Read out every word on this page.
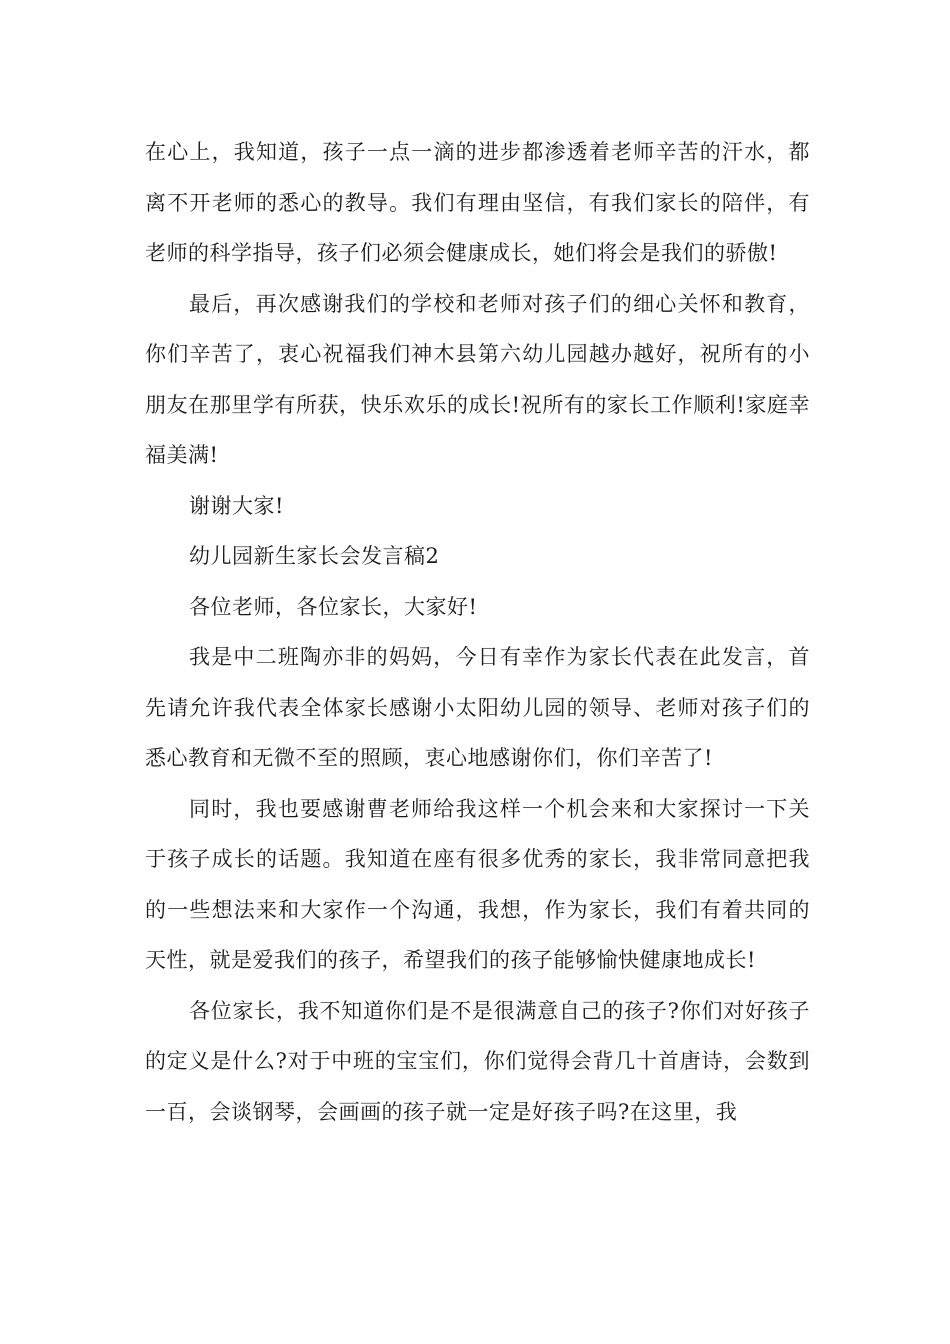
在心上，我知道，孩子一点一滴的进步都渗透着老师辛苦的汗水，都离不开老师的悉心的教导。我们有理由坚信，有我们家长的陪伴，有老师的科学指导，孩子们必须会健康成长，她们将会是我们的骄傲!

最后，再次感谢我们的学校和老师对孩子们的细心关怀和教育，你们辛苦了，衷心祝福我们神木县第六幼儿园越办越好，祝所有的小朋友在那里学有所获，快乐欢乐的成长!祝所有的家长工作顺利!家庭幸福美满!

谢谢大家!

幼儿园新生家长会发言稿2

各位老师，各位家长，大家好!

我是中二班陶亦非的妈妈，今日有幸作为家长代表在此发言，首先请允许我代表全体家长感谢小太阳幼儿园的领导、老师对孩子们的悉心教育和无微不至的照顾，衷心地感谢你们，你们辛苦了!

同时，我也要感谢曹老师给我这样一个机会来和大家探讨一下关于孩子成长的话题。我知道在座有很多优秀的家长，我非常同意把我的一些想法来和大家作一个沟通，我想，作为家长，我们有着共同的天性，就是爱我们的孩子，希望我们的孩子能够愉快健康地成长!

各位家长，我不知道你们是不是很满意自己的孩子?你们对好孩子的定义是什么?对于中班的宝宝们，你们觉得会背几十首唐诗，会数到一百，会谈钢琴，会画画的孩子就一定是好孩子吗?在这里，我
